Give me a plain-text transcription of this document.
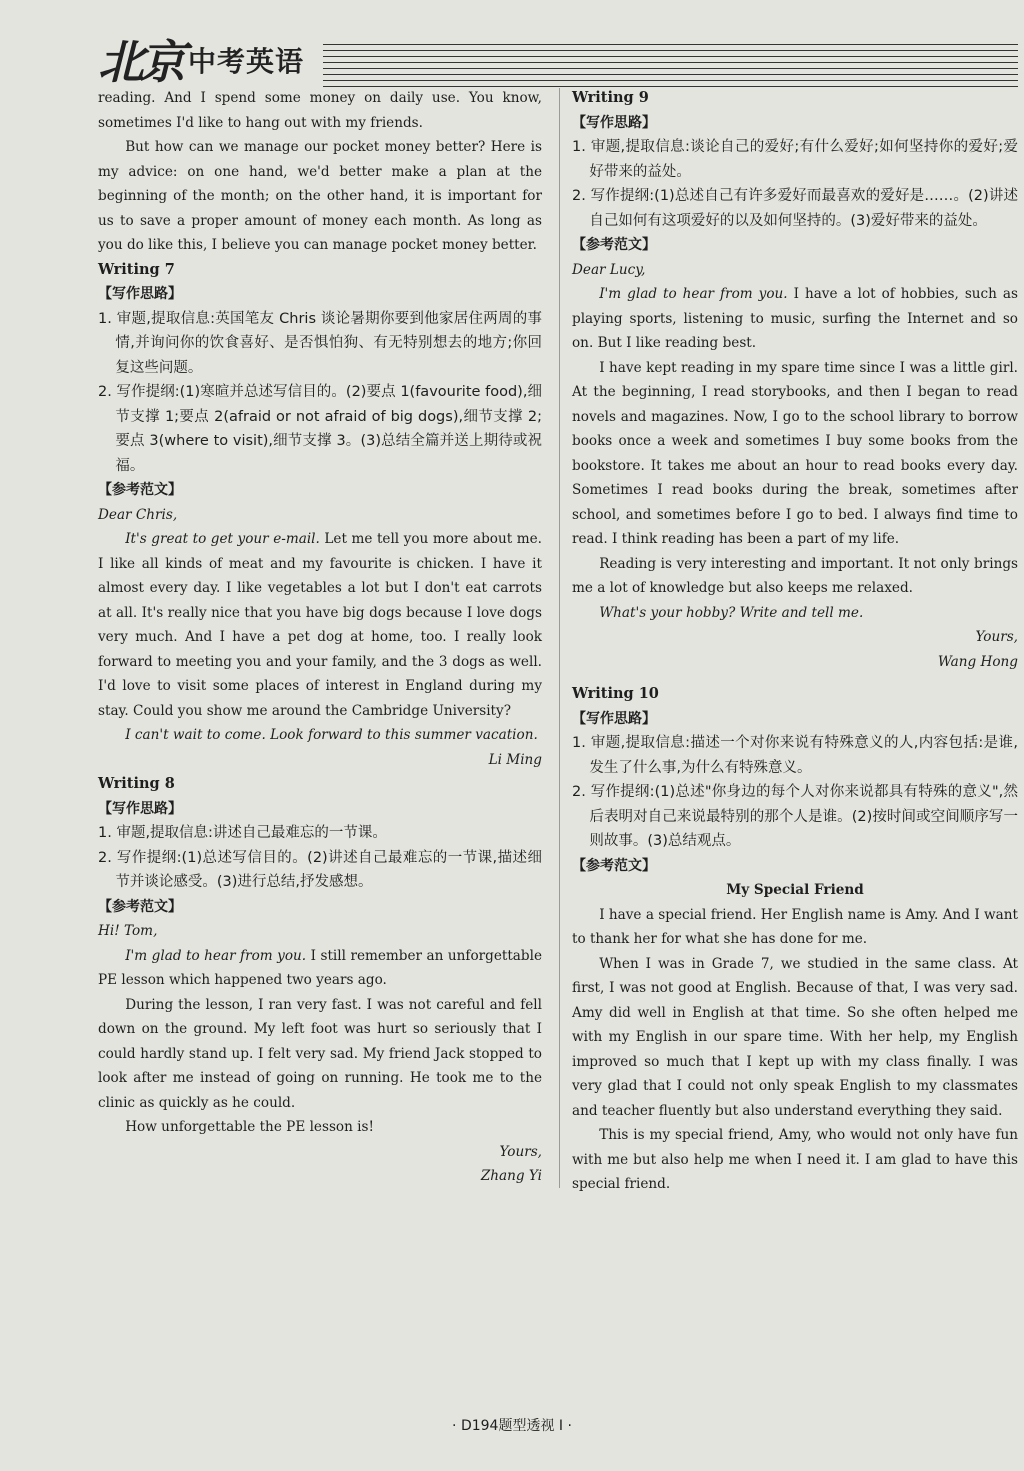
北京 中考英语

reading. And I spend some money on daily use. You know, sometimes I'd like to hang out with my friends.

But how can we manage our pocket money better? Here is my advice: on one hand, we'd better make a plan at the beginning of the month; on the other hand, it is important for us to save a proper amount of money each month. As long as you do like this, I believe you can manage pocket money better.

Writing 7

【写作思路】

1. 审题,提取信息:英国笔友 Chris 谈论暑期你要到他家居住两周的事情,并询问你的饮食喜好、是否惧怕狗、有无特别想去的地方;你回复这些问题。

2. 写作提纲:(1)寒暄并总述写信目的。(2)要点 1(favourite food),细节支撑 1;要点 2(afraid or not afraid of big dogs),细节支撑 2;要点 3(where to visit),细节支撑 3。(3)总结全篇并送上期待或祝福。

【参考范文】

Dear Chris,

It's great to get your e-mail. Let me tell you more about me. I like all kinds of meat and my favourite is chicken. I have it almost every day. I like vegetables a lot but I don't eat carrots at all. It's really nice that you have big dogs because I love dogs very much. And I have a pet dog at home, too. I really look forward to meeting you and your family, and the 3 dogs as well. I'd love to visit some places of interest in England during my stay. Could you show me around the Cambridge University?

I can't wait to come. Look forward to this summer vacation.

Li Ming

Writing 8

【写作思路】

1. 审题,提取信息:讲述自己最难忘的一节课。

2. 写作提纲:(1)总述写信目的。(2)讲述自己最难忘的一节课,描述细节并谈论感受。(3)进行总结,抒发感想。

【参考范文】

Hi! Tom,

I'm glad to hear from you. I still remember an unforgettable PE lesson which happened two years ago.

During the lesson, I ran very fast. I was not careful and fell down on the ground. My left foot was hurt so seriously that I could hardly stand up. I felt very sad. My friend Jack stopped to look after me instead of going on running. He took me to the clinic as quickly as he could.

How unforgettable the PE lesson is!

Yours,

Zhang Yi

Writing 9

【写作思路】

1. 审题,提取信息:谈论自己的爱好;有什么爱好;如何坚持你的爱好;爱好带来的益处。

2. 写作提纲:(1)总述自己有许多爱好而最喜欢的爱好是……。(2)讲述自己如何有这项爱好的以及如何坚持的。(3)爱好带来的益处。

【参考范文】

Dear Lucy,

I'm glad to hear from you. I have a lot of hobbies, such as playing sports, listening to music, surfing the Internet and so on. But I like reading best.

I have kept reading in my spare time since I was a little girl. At the beginning, I read storybooks, and then I began to read novels and magazines. Now, I go to the school library to borrow books once a week and sometimes I buy some books from the bookstore. It takes me about an hour to read books every day. Sometimes I read books during the break, sometimes after school, and sometimes before I go to bed. I always find time to read. I think reading has been a part of my life.

Reading is very interesting and important. It not only brings me a lot of knowledge but also keeps me relaxed.

What's your hobby? Write and tell me.

Yours,

Wang Hong

Writing 10

【写作思路】

1. 审题,提取信息:描述一个对你来说有特殊意义的人,内容包括:是谁,发生了什么事,为什么有特殊意义。

2. 写作提纲:(1)总述"你身边的每个人对你来说都具有特殊的意义",然后表明对自己来说最特别的那个人是谁。(2)按时间或空间顺序写一则故事。(3)总结观点。

【参考范文】

My Special Friend

I have a special friend. Her English name is Amy. And I want to thank her for what she has done for me.

When I was in Grade 7, we studied in the same class. At first, I was not good at English. Because of that, I was very sad. Amy did well in English at that time. So she often helped me with my English in our spare time. With her help, my English improved so much that I kept up with my class finally. I was very glad that I could not only speak English to my classmates and teacher fluently but also understand everything they said.

This is my special friend, Amy, who would not only have fun with me but also help me when I need it. I am glad to have this special friend.

· D194题型透视 I ·
